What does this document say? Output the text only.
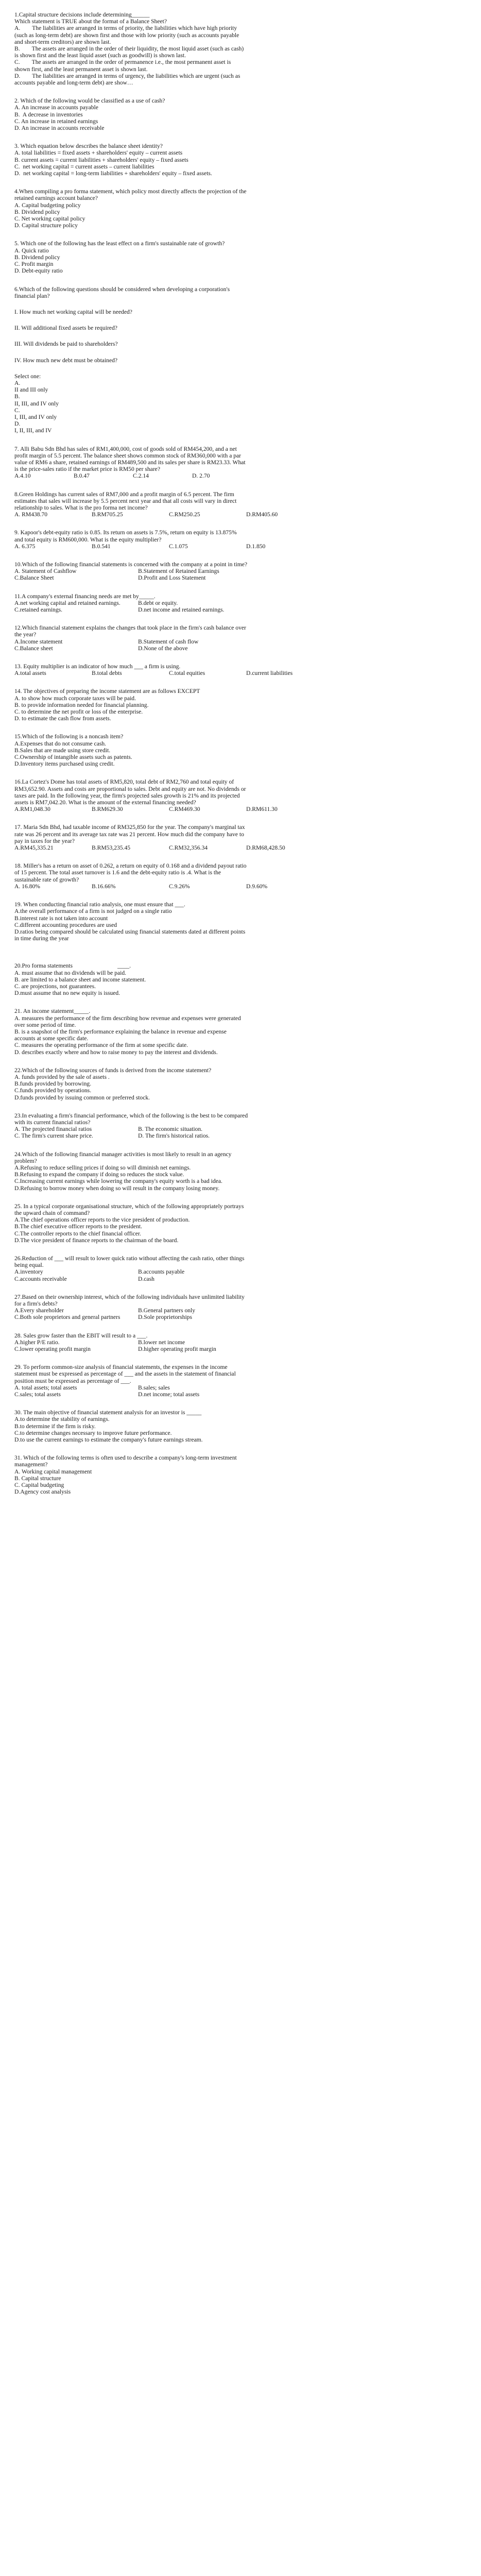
1.Capital structure decisions include determining______
Which statement is TRUE about the format of a Balance Sheet?
A.        The liabilities are arranged in terms of priority, the liabilities which have high priority
(such as long-term debt) are shown first and those with low priority (such as accounts payable
and short-term creditors) are shown last.
B.        The assets are arranged in the order of their liquidity, the most liquid asset (such as cash)
is shown first and the least liquid asset (such as goodwill) is shown last.
C.        The assets are arranged in the order of permanence i.e., the most permanent asset is
shown first, and the least permanent asset is shown last.
D.        The liabilities are arranged in terms of urgency, the liabilities which are urgent (such as
accounts payable and long-term debt) are show…
2. Which of the following would be classified as a use of cash?
A. An increase in accounts payable
B.  A decrease in inventories
C. An increase in retained earnings
D. An increase in accounts receivable
3. Which equation below describes the balance sheet identity?
A. total liabilities = fixed assets + shareholders' equity – current assets
B. current assets = current liabilities + shareholders' equity – fixed assets
C.  net working capital = current assets – current liabilities
D.  net working capital = long-term liabilities + shareholders' equity – fixed assets.
4.When compiling a pro forma statement, which policy most directly affects the projection of the
retained earnings account balance?
A. Capital budgeting policy
B. Dividend policy
C. Net working capital policy
D. Capital structure policy
5. Which one of the following has the least effect on a firm's sustainable rate of growth?
A. Quick ratio
B. Dividend policy
C. Profit margin
D. Debt-equity ratio
6.Which of the following questions should be considered when developing a corporation's
financial plan?
I. How much net working capital will be needed?
II. Will additional fixed assets be required?
III. Will dividends be paid to shareholders?
IV. How much new debt must be obtained?
Select one:
A.
II and III only
B.
II, III, and IV only
C.
I, III, and IV only
D.
I, II, III, and IV
7. Alli Babu Sdn Bhd has sales of RM1,400,000, cost of goods sold of RM454,200, and a net
profit margin of 5.5 percent. The balance sheet shows common stock of RM360,000 with a par
value of RM6 a share, retained earnings of RM489,500 and its sales per share is RM23.33. What
is the price-sales ratio if the market price is RM50 per share?
A.4.10	B.0.47	C.2.14	D. 2.70
8.Green Holdings has current sales of RM7,000 and a profit margin of 6.5 percent. The firm
estimates that sales will increase by 5.5 percent next year and that all costs will vary in direct
relationship to sales. What is the pro forma net income?
A. RM438.70	B.RM705.25	C.RM250.25	D.RM405.60
9. Kapoor's debt-equity ratio is 0.85. Its return on assets is 7.5%, return on equity is 13.875%
and total equity is RM600,000. What is the equity multiplier?
A. 6.375	B.0.541	C.1.075	D.1.850
10.Which of the following financial statements is concerned with the company at a point in time?
A. Statement of Cashflow	B.Statement of Retained Earnings
C.Balance Sheet	D.Profit and Loss Statement
11.A company's external financing needs are met by_____.
A.net working capital and retained earnings.	B.debt or equity.
C.retained earnings.	D.net income and retained earnings.
12.Which financial statement explains the changes that took place in the firm's cash balance over
the year?
A.Income statement	B.Statement of cash flow
C.Balance sheet	D.None of the above
13. Equity multiplier is an indicator of how much ___ a firm is using.
A.total assets	B.total debts	C.total equities	D.current liabilities
14. The objectives of preparing the income statement are as follows EXCEPT
A. to show how much corporate taxes will be paid.
B. to provide information needed for financial planning.
C. to determine the net profit or loss of the enterprise.
D. to estimate the cash flow from assets.
15.Which of the following is a noncash item?
A.Expenses that do not consume cash.
B.Sales that are made using store credit.
C.Ownership of intangible assets such as patents.
D.Inventory items purchased using credit.
16.La Cortez's Dome has total assets of RM5,820, total debt of RM2,760 and total equity of
RM3,652.90. Assets and costs are proportional to sales. Debt and equity are not. No dividends or
taxes are paid. In the following year, the firm's projected sales growth is 21% and its projected
assets is RM7,042.20. What is the amount of the external financing needed?
A.RM1,048.30	B.RM629.30	C.RM469.30	D.RM611.30
17. Maria Sdn Bhd, had taxable income of RM325,850 for the year. The company's marginal tax
rate was 26 percent and its average tax rate was 21 percent. How much did the company have to
pay in taxes for the year?
A.RM45,335.21	B.RM53,235.45	C.RM32,356.34	D.RM68,428.50
18. Miller's has a return on asset of 0.262, a return on equity of 0.168 and a dividend payout ratio
of 15 percent. The total asset turnover is 1.6 and the debt-equity ratio is .4. What is the
sustainable rate of growth?
A. 16.80%	B.16.66%	C.9.26%	D.9.60%
19. When conducting financial ratio analysis, one must ensure that ___.
A.the overall performance of a firm is not judged on a single ratio
B.interest rate is not taken into account
C.different accounting procedures are used
D.ratios being compared should be calculated using financial statements dated at different points
in time during the year
20.Pro forma statements                              ____.
A. must assume that no dividends will be paid.
B. are limited to a balance sheet and income statement.
C. are projections, not guarantees.
D.must assume that no new equity is issued.
21. An income statement_____.
A. measures the performance of the firm describing how revenue and expenses were generated
over some period of time.
B. is a snapshot of the firm's performance explaining the balance in revenue and expense
accounts at some specific date.
C. measures the operating performance of the firm at some specific date.
D. describes exactly where and how to raise money to pay the interest and dividends.
22.Which of the following sources of funds is derived from the income statement?
A. funds provided by the sale of assets .
B.funds provided by borrowing.
C.funds provided by operations.
D.funds provided by issuing common or preferred stock.
23.In evaluating a firm's financial performance, which of the following is the best to be compared
with its current financial ratios?
A. The projected financial ratios	B. The economic situation.
C. The firm's current share price.	D. The firm's historical ratios.
24.Which of the following financial manager activities is most likely to result in an agency
problem?
A.Refusing to reduce selling prices if doing so will diminish net earnings.
B.Refusing to expand the company if doing so reduces the stock value.
C.Increasing current earnings while lowering the company's equity worth is a bad idea.
D.Refusing to borrow money when doing so will result in the company losing money.
25. In a typical corporate organisational structure, which of the following appropriately portrays
the upward chain of command?
A.The chief operations officer reports to the vice president of production.
B.The chief executive officer reports to the president.
C.The controller reports to the chief financial officer.
D.The vice president of finance reports to the chairman of the board.
26.Reduction of ___ will result to lower quick ratio without affecting the cash ratio, other things
being equal.
A.inventory	B.accounts payable
C.accounts receivable	D.cash
27.Based on their ownership interest, which of the following individuals have unlimited liability
for a firm's debts?
A.Every shareholder	B.General partners only
C.Both sole proprietors and general partners	D.Sole proprietorships
28. Sales grow faster than the EBIT will result to a ___.
A.higher P/E ratio.	B.lower net income
C.lower operating profit margin	D.higher operating profit margin
29. To perform common-size analysis of financial statements, the expenses in the income
statement must be expressed as percentage of ___ and the assets in the statement of financial
position must be expressed as percentage of ___.
A. total assets; total assets	B.sales; sales
C.sales; total assets	D.net income; total assets
30. The main objective of financial statement analysis for an investor is _____
A.to determine the stability of earnings.
B.to determine if the firm is risky.
C.to determine changes necessary to improve future performance.
D.to use the current earnings to estimate the company's future earnings stream.
31. Which of the following terms is often used to describe a company's long-term investment
management?
A. Working capital management
B. Capital structure
C. Capital budgeting
D.Agency cost analysis
